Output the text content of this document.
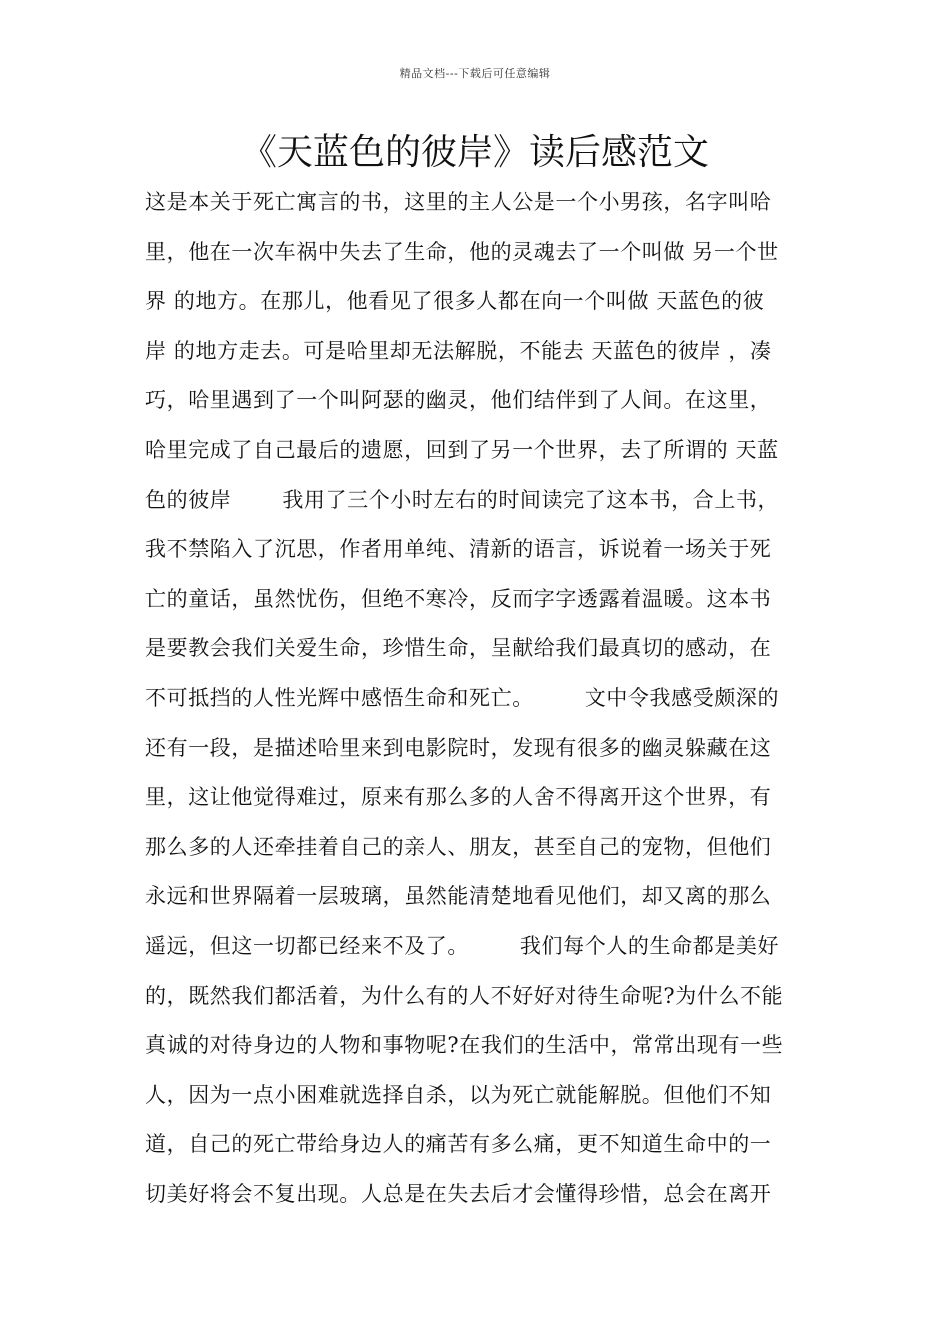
精品文档---下载后可任意编辑
《天蓝色的彼岸》读后感范文
这是本关于死亡寓言的书，这里的主人公是一个小男孩，名字叫哈
里，他在一次车祸中失去了生命，他的灵魂去了一个叫做 另一个世
界 的地方。在那儿，他看见了很多人都在向一个叫做 天蓝色的彼
岸 的地方走去。可是哈里却无法解脱，不能去 天蓝色的彼岸 ，凑
巧，哈里遇到了一个叫阿瑟的幽灵，他们结伴到了人间。在这里，
哈里完成了自己最后的遗愿，回到了另一个世界，去了所谓的 天蓝
色的彼岸       我用了三个小时左右的时间读完了这本书，合上书，
我不禁陷入了沉思，作者用单纯、清新的语言，诉说着一场关于死
亡的童话，虽然忧伤，但绝不寒冷，反而字字透露着温暖。这本书
是要教会我们关爱生命，珍惜生命，呈献给我们最真切的感动，在
不可抵挡的人性光辉中感悟生命和死亡。       文中令我感受颇深的
还有一段，是描述哈里来到电影院时，发现有很多的幽灵躲藏在这
里，这让他觉得难过，原来有那么多的人舍不得离开这个世界，有
那么多的人还牵挂着自己的亲人、朋友，甚至自己的宠物，但他们
永远和世界隔着一层玻璃，虽然能清楚地看见他们，却又离的那么
遥远，但这一切都已经来不及了。       我们每个人的生命都是美好
的，既然我们都活着，为什么有的人不好好对待生命呢?为什么不能
真诚的对待身边的人物和事物呢?在我们的生活中，常常出现有一些
人，因为一点小困难就选择自杀，以为死亡就能解脱。但他们不知
道，自己的死亡带给身边人的痛苦有多么痛，更不知道生命中的一
切美好将会不复出现。人总是在失去后才会懂得珍惜，总会在离开
